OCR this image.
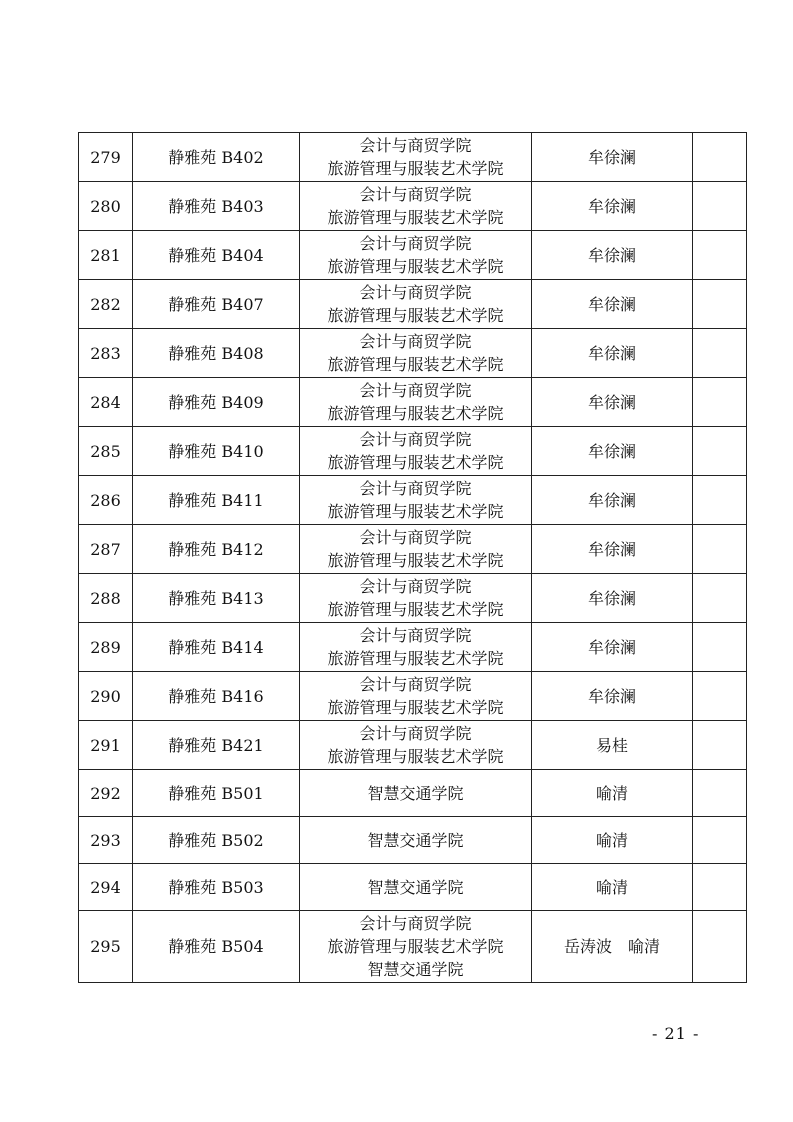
279	静雅苑 B402	会计与商贸学院
旅游管理与服装艺术学院	牟徐澜	
280	静雅苑 B403	会计与商贸学院
旅游管理与服装艺术学院	牟徐澜	
281	静雅苑 B404	会计与商贸学院
旅游管理与服装艺术学院	牟徐澜	
282	静雅苑 B407	会计与商贸学院
旅游管理与服装艺术学院	牟徐澜	
283	静雅苑 B408	会计与商贸学院
旅游管理与服装艺术学院	牟徐澜	
284	静雅苑 B409	会计与商贸学院
旅游管理与服装艺术学院	牟徐澜	
285	静雅苑 B410	会计与商贸学院
旅游管理与服装艺术学院	牟徐澜	
286	静雅苑 B411	会计与商贸学院
旅游管理与服装艺术学院	牟徐澜	
287	静雅苑 B412	会计与商贸学院
旅游管理与服装艺术学院	牟徐澜	
288	静雅苑 B413	会计与商贸学院
旅游管理与服装艺术学院	牟徐澜	
289	静雅苑 B414	会计与商贸学院
旅游管理与服装艺术学院	牟徐澜	
290	静雅苑 B416	会计与商贸学院
旅游管理与服装艺术学院	牟徐澜	
291	静雅苑 B421	会计与商贸学院
旅游管理与服装艺术学院	易桂	
292	静雅苑 B501	智慧交通学院	喻清	
293	静雅苑 B502	智慧交通学院	喻清	
294	静雅苑 B503	智慧交通学院	喻清	
295	静雅苑 B504	会计与商贸学院
旅游管理与服装艺术学院
智慧交通学院	岳涛波　喻清	
- 21 -
